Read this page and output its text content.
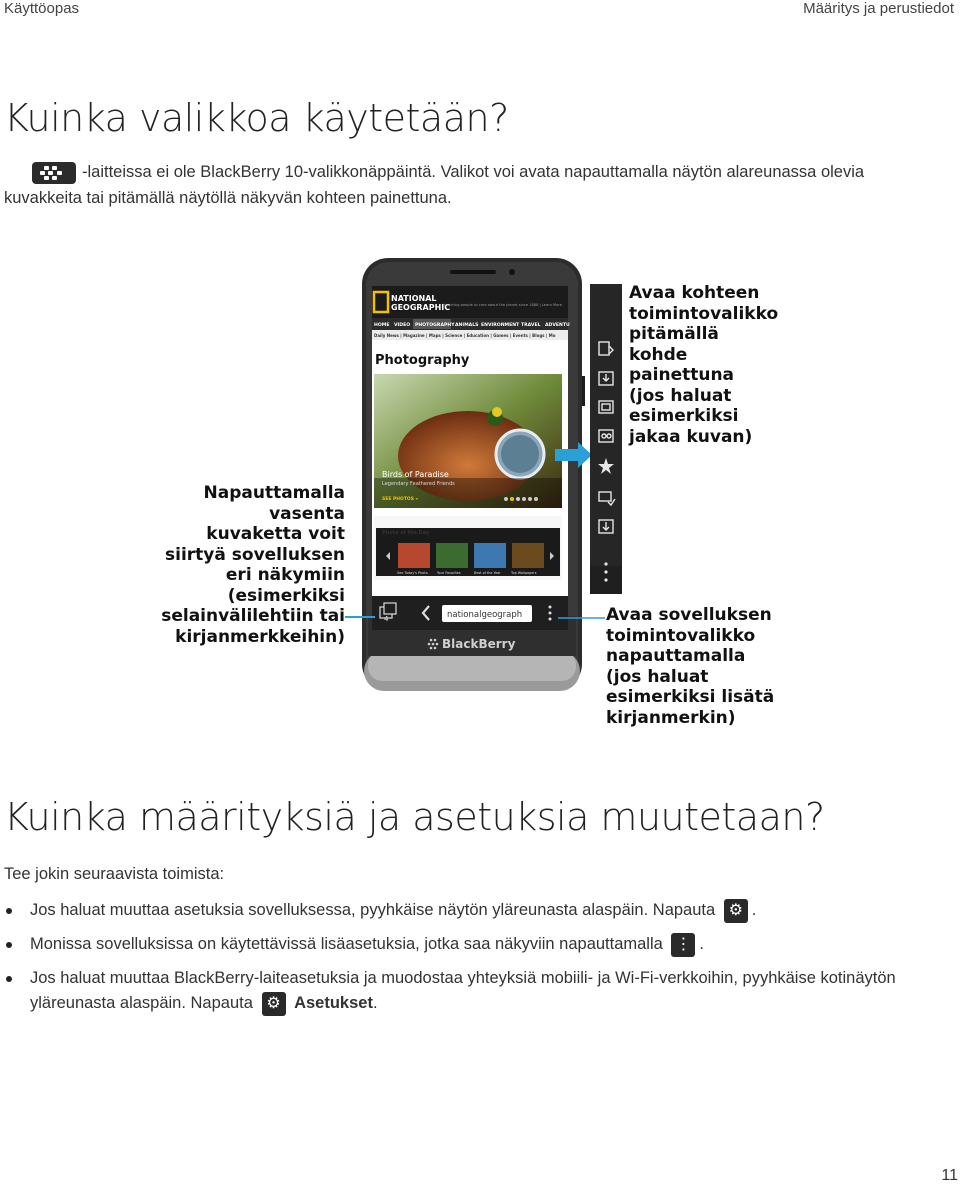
Käyttöopas	Määritys ja perustiedot
Kuinka valikkoa käytetään?
-laitteissa ei ole BlackBerry 10-valikkonäppäintä. Valikot voi avata napauttamalla näytön alareunassa olevia
kuvakkeita tai pitämällä näytöllä näkyvän kohteen painettuna.
NATIONAL
GEOGRAPHIC
Inspiring people to care about the planet since 1888 | Learn More
HOME VIDEO PHOTOGRAPHY ANIMALS ENVIRONMENT TRAVEL ADVENTU
Daily News | Magazine | Maps | Science | Education | Games | Events | Blogs | Mo
Photography
Birds of Paradise
Legendary Feathered Friends
SEE PHOTOS »
Photo of the Day
See Today's Photo	Your Favorites	Best of the Year	Top Wallpapers
4	nationalgeograph
BlackBerry
Napauttamalla
vasenta
kuvaketta voit
siirtyä sovelluksen
eri näkymiin
(esimerkiksi
selainvälilehtiin tai
kirjanmerkkeihin)
Avaa kohteen
toimintovalikko
pitämällä
kohde
painettuna
(jos haluat
esimerkiksi
jakaa kuvan)
Avaa sovelluksen
toimintovalikko
napauttamalla
(jos haluat
esimerkiksi lisätä
kirjanmerkin)
Kuinka määrityksiä ja asetuksia muutetaan?
Tee jokin seuraavista toimista:
Jos haluat muuttaa asetuksia sovelluksessa, pyyhkäise näytön yläreunasta alaspäin. Napauta ⚙ .
Monissa sovelluksissa on käytettävissä lisäasetuksia, jotka saa näkyviin napauttamalla ⋮ .
Jos haluat muuttaa BlackBerry-laiteasetuksia ja muodostaa yhteyksiä mobiili- ja Wi-Fi-verkkoihin, pyyhkäise kotinäytön
yläreunasta alaspäin. Napauta ⚙ Asetukset.
11
